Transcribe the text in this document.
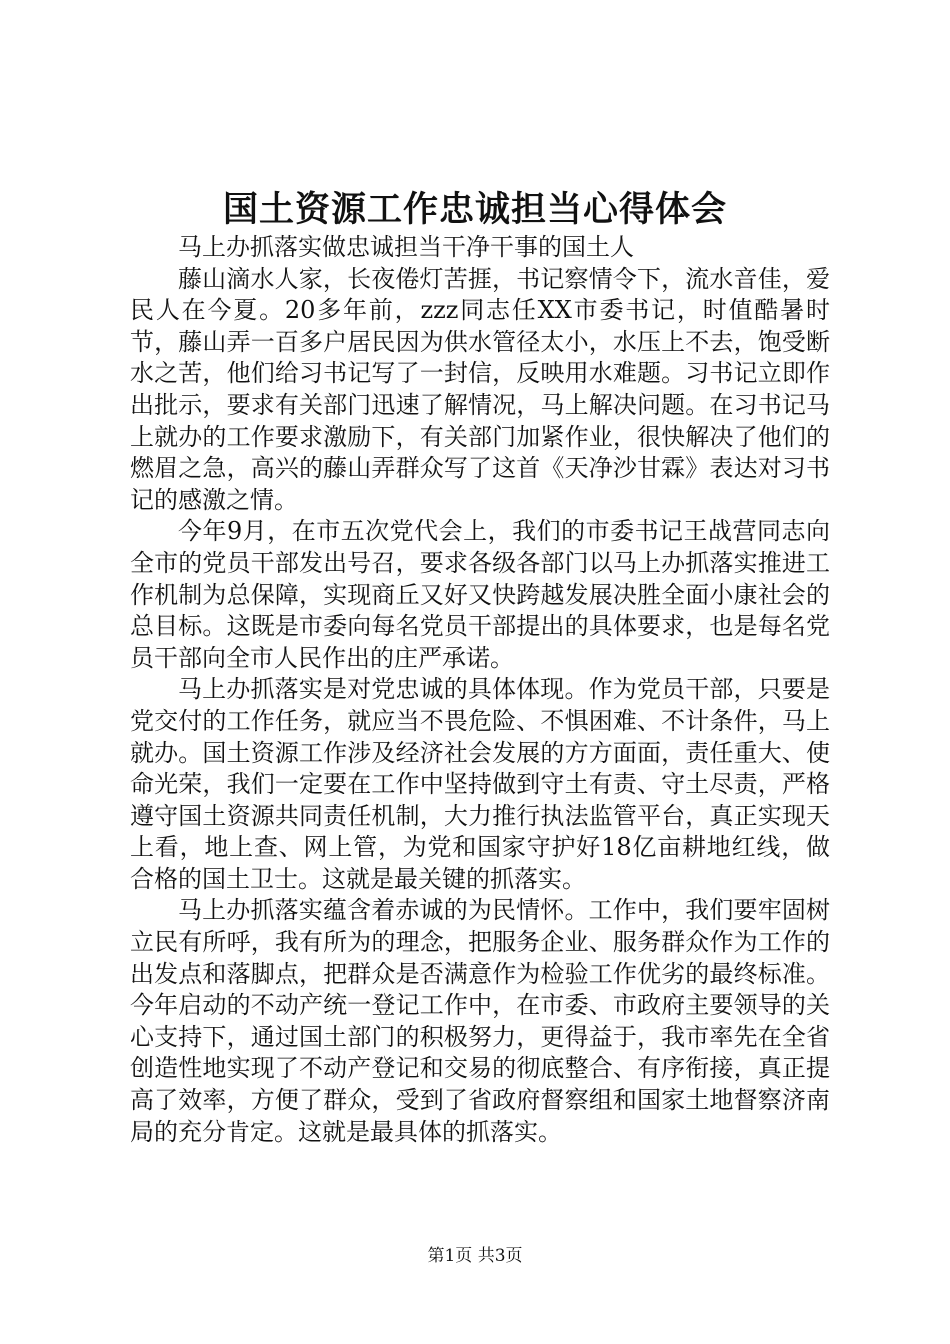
国土资源工作忠诚担当心得体会

马上办抓落实做忠诚担当干净干事的国土人

藤山滴水人家，长夜倦灯苦捱，书记察情令下，流水音佳，爱民人在今夏。20多年前，zzz同志任XX市委书记，时值酷暑时节，藤山弄一百多户居民因为供水管径太小，水压上不去，饱受断水之苦，他们给习书记写了一封信，反映用水难题。习书记立即作出批示，要求有关部门迅速了解情况，马上解决问题。在习书记马上就办的工作要求激励下，有关部门加紧作业，很快解决了他们的燃眉之急，高兴的藤山弄群众写了这首《天净沙甘霖》表达对习书记的感激之情。

今年9月，在市五次党代会上，我们的市委书记王战营同志向全市的党员干部发出号召，要求各级各部门以马上办抓落实推进工作机制为总保障，实现商丘又好又快跨越发展决胜全面小康社会的总目标。这既是市委向每名党员干部提出的具体要求，也是每名党员干部向全市人民作出的庄严承诺。

马上办抓落实是对党忠诚的具体体现。作为党员干部，只要是党交付的工作任务，就应当不畏危险、不惧困难、不计条件，马上就办。国土资源工作涉及经济社会发展的方方面面，责任重大、使命光荣，我们一定要在工作中坚持做到守土有责、守土尽责，严格遵守国土资源共同责任机制，大力推行执法监管平台，真正实现天上看，地上查、网上管，为党和国家守护好18亿亩耕地红线，做合格的国土卫士。这就是最关键的抓落实。

马上办抓落实蕴含着赤诚的为民情怀。工作中，我们要牢固树立民有所呼，我有所为的理念，把服务企业、服务群众作为工作的出发点和落脚点，把群众是否满意作为检验工作优劣的最终标准。今年启动的不动产统一登记工作中，在市委、市政府主要领导的关心支持下，通过国土部门的积极努力，更得益于，我市率先在全省创造性地实现了不动产登记和交易的彻底整合、有序衔接，真正提高了效率，方便了群众，受到了省政府督察组和国家土地督察济南局的充分肯定。这就是最具体的抓落实。

第1页 共3页
